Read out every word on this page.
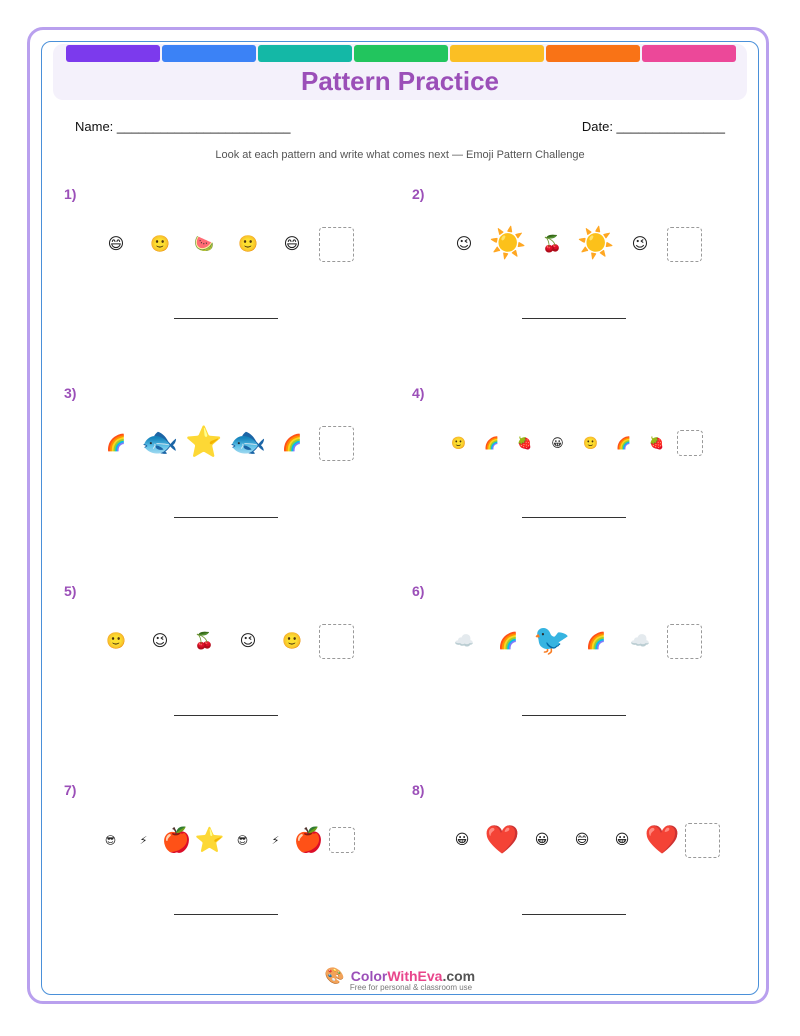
Pattern Practice
Name: ________________________	Date: _______________
Look at each pattern and write what comes next — Emoji Pattern Challenge
1)
😄	🙂	🍉	🙂	😄
2)
😉 ☀️ 🍒 ☀️	😉
3)
🌈 🐟 ⭐ 🐟 🌈
4)
🙂	🌈	🍓	😀	🙂	🌈	🍓
5)
🙂	😉	🍒	😉	🙂
6)
☁️	🌈 🐦 🌈	☁️
7)
😎	⚡ 🍎 ⭐	😎	⚡ 🍎
8)
😀 ❤️	😀	😄	😀 ❤️
🎨 ColorWithEva.com
Free for personal & classroom use
